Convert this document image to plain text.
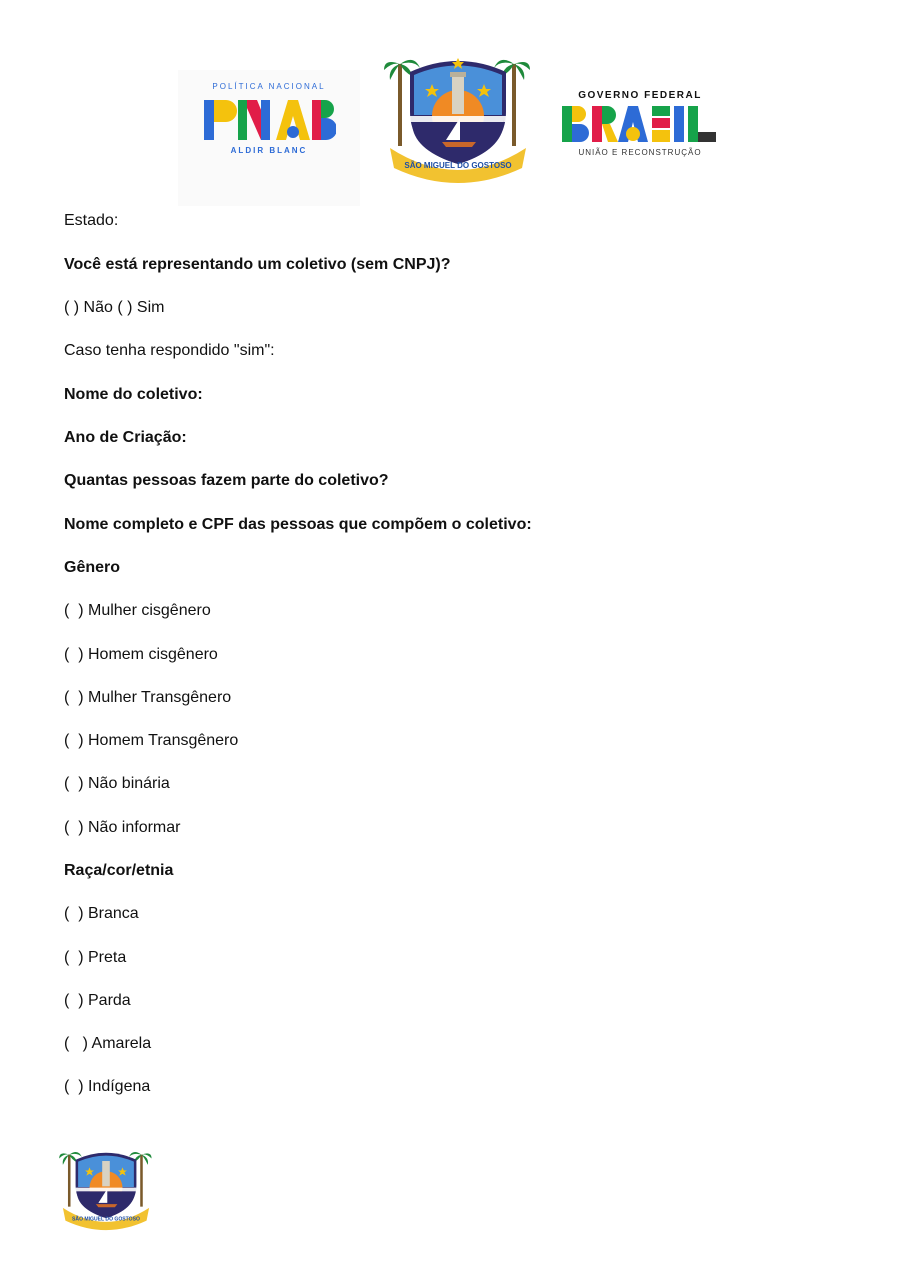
POLÍTICA NACIONAL
ALDIR BLANC
SÃO MIGUEL DO GOSTOSO
GOVERNO FEDERAL
UNIÃO E RECONSTRUÇÃO
Estado:
Você está representando um coletivo (sem CNPJ)?
( ) Não ( ) Sim
Caso tenha respondido "sim":
Nome do coletivo:
Ano de Criação:
Quantas pessoas fazem parte do coletivo?
Nome completo e CPF das pessoas que compõem o coletivo:
Gênero
(  ) Mulher cisgênero
(  ) Homem cisgênero
(  ) Mulher Transgênero
(  ) Homem Transgênero
(  ) Não binária
(  ) Não informar
Raça/cor/etnia
(  ) Branca
(  ) Preta
(  ) Parda
(   ) Amarela
(  ) Indígena
SÃO MIGUEL DO GOSTOSO
